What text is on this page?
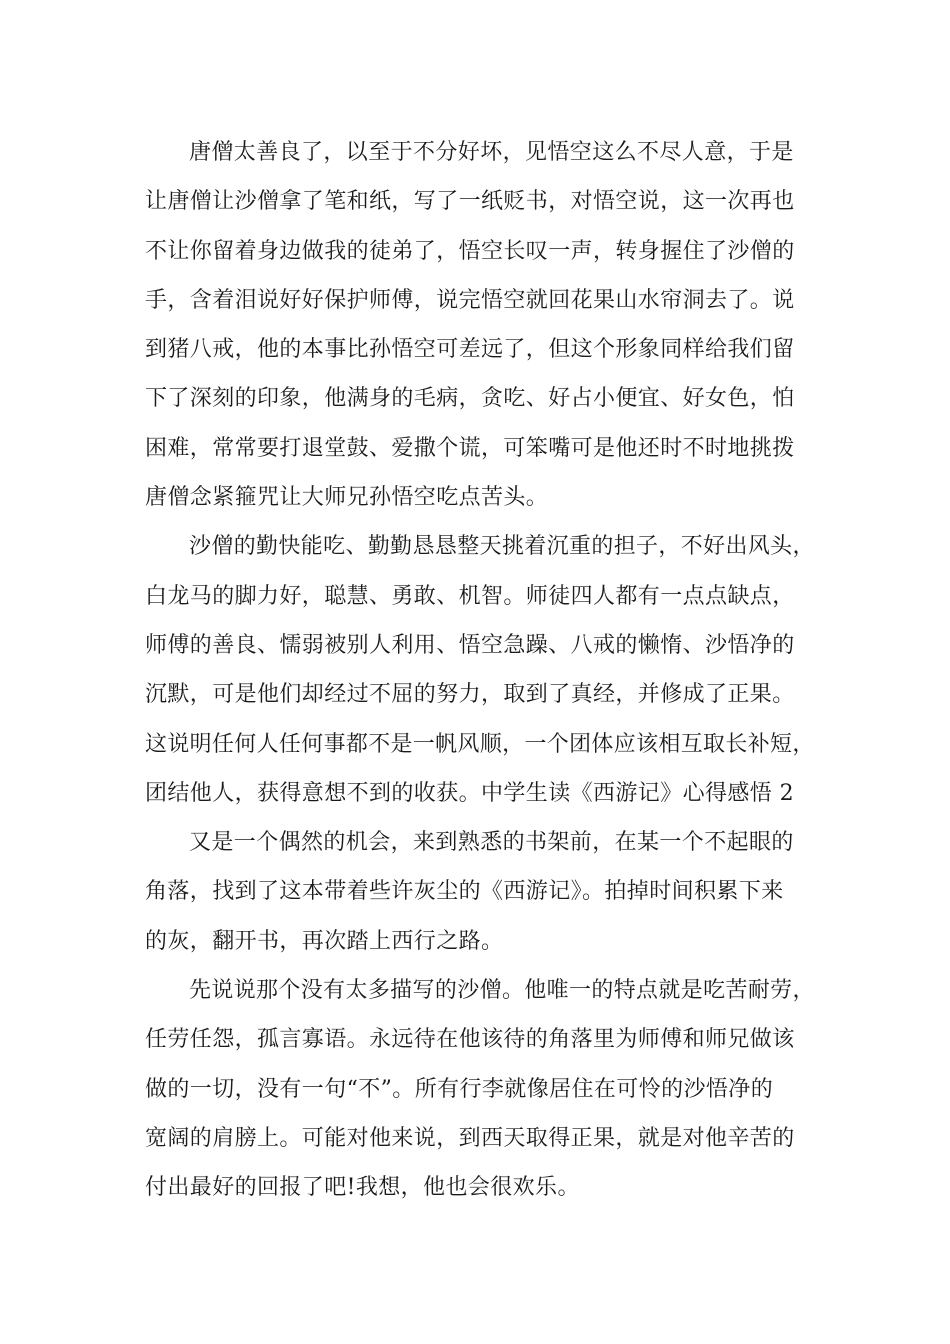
唐僧太善良了，以至于不分好坏，见悟空这么不尽人意，于是
让唐僧让沙僧拿了笔和纸，写了一纸贬书，对悟空说，这一次再也
不让你留着身边做我的徒弟了，悟空长叹一声，转身握住了沙僧的
手，含着泪说好好保护师傅，说完悟空就回花果山水帘洞去了。说
到猪八戒，他的本事比孙悟空可差远了，但这个形象同样给我们留
下了深刻的印象，他满身的毛病，贪吃、好占小便宜、好女色，怕
困难，常常要打退堂鼓、爱撒个谎，可笨嘴可是他还时不时地挑拨
唐僧念紧箍咒让大师兄孙悟空吃点苦头。
沙僧的勤快能吃、勤勤恳恳整天挑着沉重的担子，不好出风头，
白龙马的脚力好，聪慧、勇敢、机智。师徒四人都有一点点缺点，
师傅的善良、懦弱被别人利用、悟空急躁、八戒的懒惰、沙悟净的
沉默，可是他们却经过不屈的努力，取到了真经，并修成了正果。
这说明任何人任何事都不是一帆风顺，一个团体应该相互取长补短，
团结他人，获得意想不到的收获。中学生读《西游记》心得感悟 2
又是一个偶然的机会，来到熟悉的书架前，在某一个不起眼的
角落，找到了这本带着些许灰尘的《西游记》。拍掉时间积累下来
的灰，翻开书，再次踏上西行之路。
先说说那个没有太多描写的沙僧。他唯一的特点就是吃苦耐劳，
任劳任怨，孤言寡语。永远待在他该待的角落里为师傅和师兄做该
做的一切，没有一句“不”。所有行李就像居住在可怜的沙悟净的
宽阔的肩膀上。可能对他来说，到西天取得正果，就是对他辛苦的
付出最好的回报了吧!我想，他也会很欢乐。
